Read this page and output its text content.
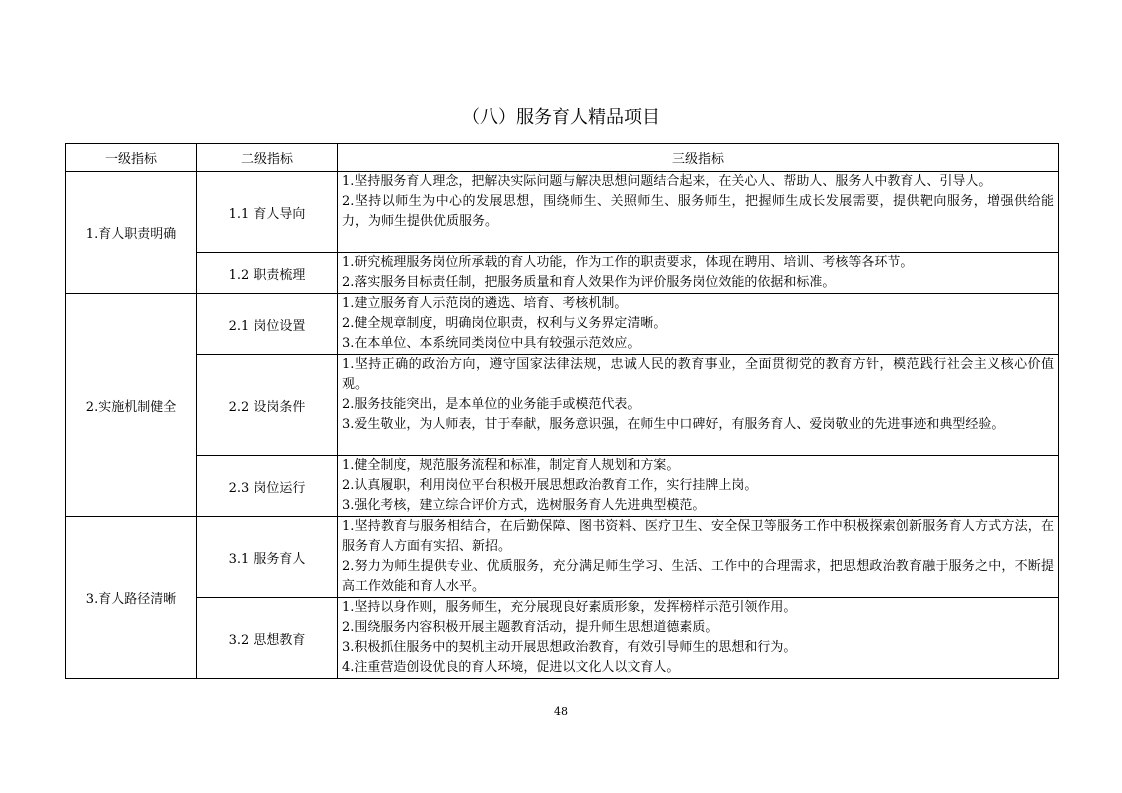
（八）服务育人精品项目
一级指标	二级指标	三级指标
1.育人职责明确	1.1 育人导向	1.坚持服务育人理念，把解决实际问题与解决思想问题结合起来，在关心人、帮助人、服务人中教育人、引导人。
2.坚持以师生为中心的发展思想，围绕师生、关照师生、服务师生，把握师生成长发展需要，提供靶向服务，增强供给能力，为师生提供优质服务。

	1.2 职责梳理	1.研究梳理服务岗位所承载的育人功能，作为工作的职责要求，体现在聘用、培训、考核等各环节。
2.落实服务目标责任制，把服务质量和育人效果作为评价服务岗位效能的依据和标准。

2.实施机制健全	2.1 岗位设置	1.建立服务育人示范岗的遴选、培育、考核机制。
2.健全规章制度，明确岗位职责，权利与义务界定清晰。
3.在本单位、本系统同类岗位中具有较强示范效应。

	2.2 设岗条件	1.坚持正确的政治方向，遵守国家法律法规，忠诚人民的教育事业，全面贯彻党的教育方针，模范践行社会主义核心价值观。
2.服务技能突出，是本单位的业务能手或模范代表。
3.爱生敬业，为人师表，甘于奉献，服务意识强，在师生中口碑好，有服务育人、爱岗敬业的先进事迹和典型经验。

	2.3 岗位运行	1.健全制度，规范服务流程和标准，制定育人规划和方案。
2.认真履职，利用岗位平台积极开展思想政治教育工作，实行挂牌上岗。
3.强化考核，建立综合评价方式，选树服务育人先进典型模范。

3.育人路径清晰	3.1 服务育人	1.坚持教育与服务相结合，在后勤保障、图书资料、医疗卫生、安全保卫等服务工作中积极探索创新服务育人方式方法，在服务育人方面有实招、新招。
2.努力为师生提供专业、优质服务，充分满足师生学习、生活、工作中的合理需求，把思想政治教育融于服务之中，不断提高工作效能和育人水平。

	3.2 思想教育	1.坚持以身作则，服务师生，充分展现良好素质形象，发挥榜样示范引领作用。
2.围绕服务内容积极开展主题教育活动，提升师生思想道德素质。
3.积极抓住服务中的契机主动开展思想政治教育，有效引导师生的思想和行为。
4.注重营造创设优良的育人环境，促进以文化人以文育人。
48
